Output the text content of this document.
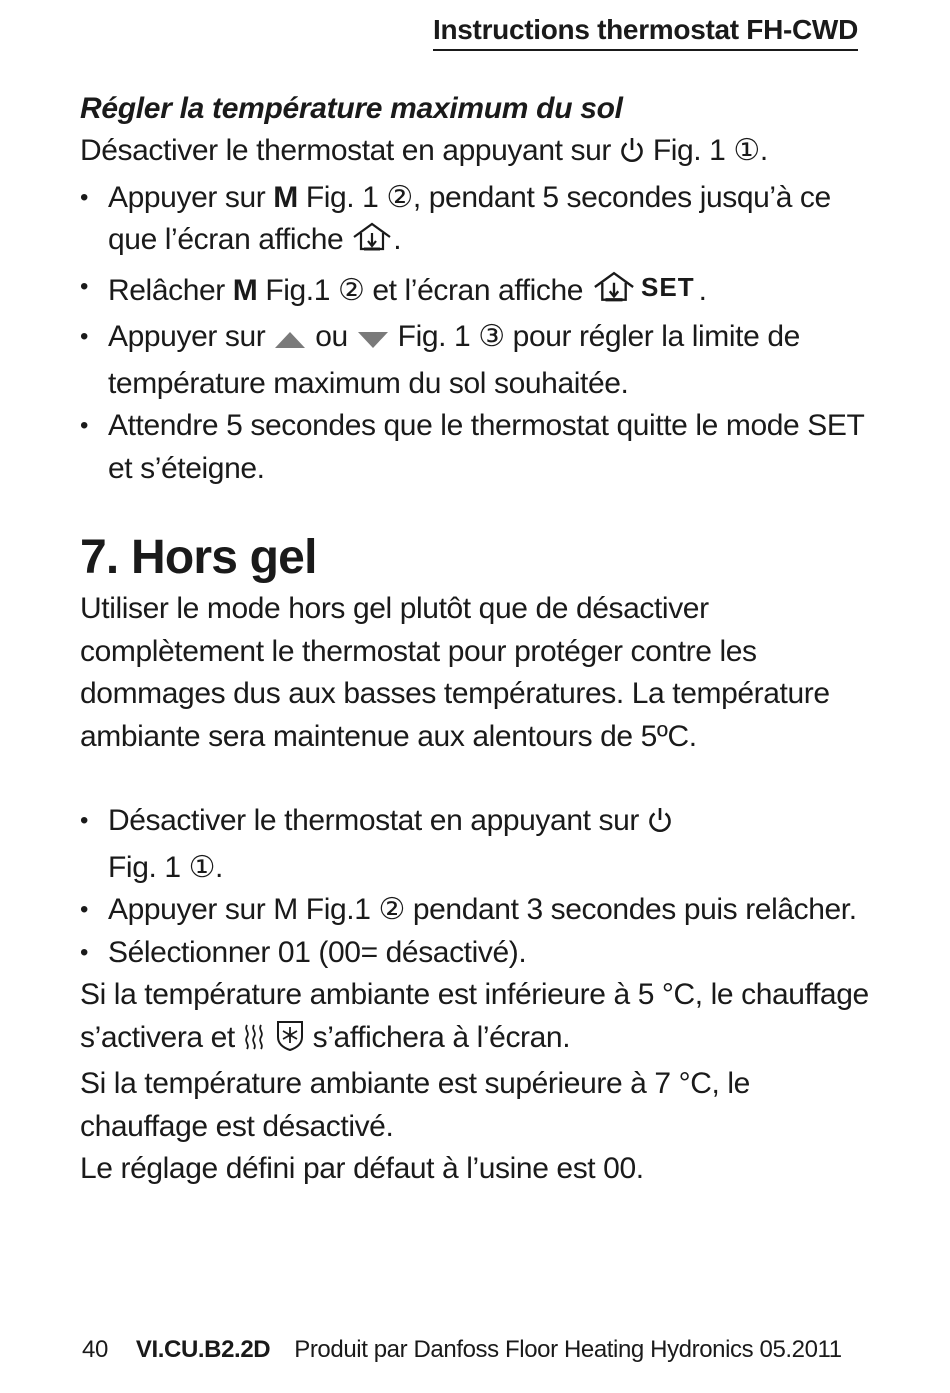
Instructions thermostat FH-CWD
Régler la température maximum du sol
Désactiver le thermostat en appuyant sur  Fig. 1 ①.
• Appuyer sur M Fig. 1 ②, pendant 5 secondes jusqu’à ce que l’écran affiche .
• Relâcher M Fig.1 ② et l’écran affiche SET .
• Appuyer sur  ou  Fig. 1 ③ pour régler la limite de température maximum du sol souhaitée.
• Attendre 5 secondes que le thermostat quitte le mode SET et s’éteigne.
7. Hors gel
Utiliser le mode hors gel plutôt que de désactiver complètement le thermostat pour protéger contre les dommages dus aux basses températures. La température ambiante sera maintenue aux alentours de 5ºC.
• Désactiver le thermostat en appuyant sur
Fig. 1 ①.
• Appuyer sur M Fig.1 ② pendant 3 secondes puis relâcher.
• Sélectionner 01 (00= désactivé).
Si la température ambiante est inférieure à 5 °C, le chauffage s’activera et   s’affichera à l’écran.
Si la température ambiante est supérieure à 7 °C, le chauffage est désactivé.
Le réglage défini par défaut à l’usine est 00.
40 VI.CU.B2.2D Produit par Danfoss Floor Heating Hydronics 05.2011
